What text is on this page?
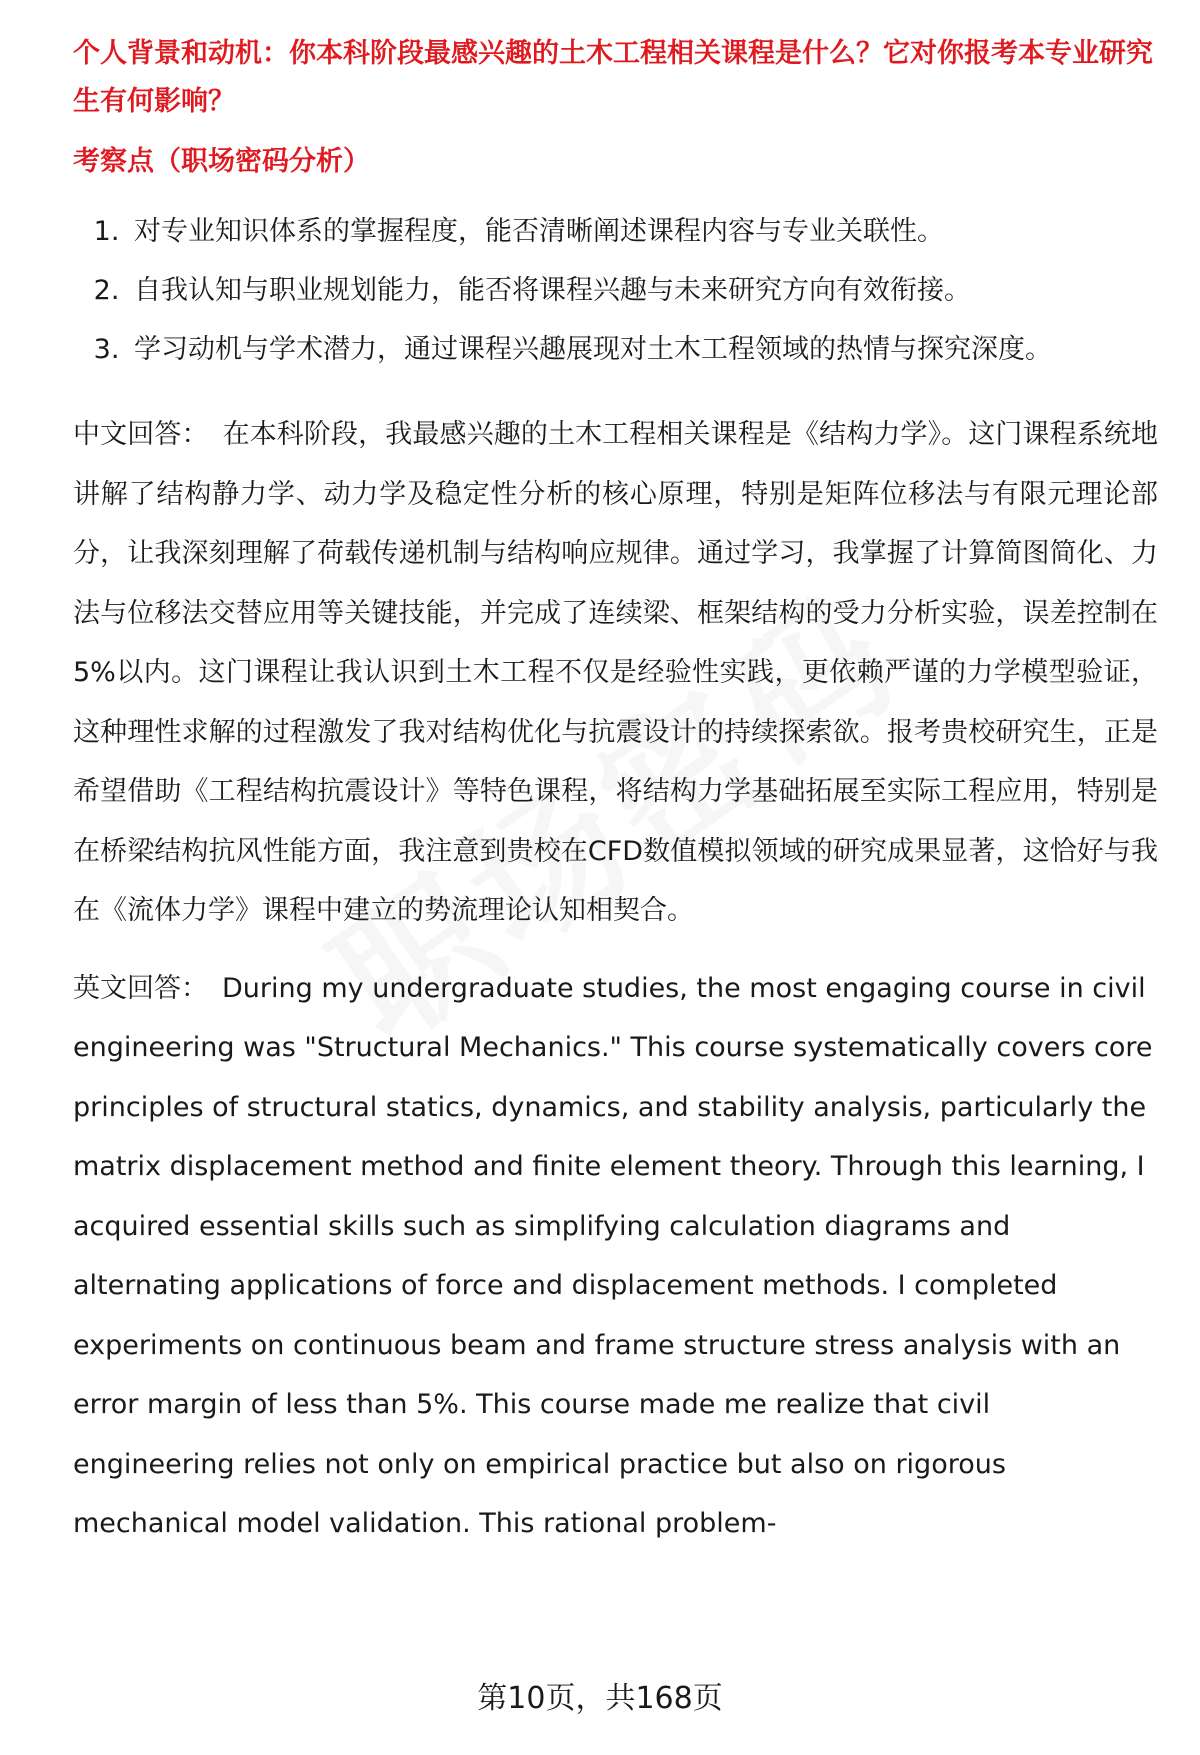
个人背景和动机：你本科阶段最感兴趣的土木工程相关课程是什么？它对你报考本专业研究生有何影响？

考察点（职场密码分析）
1. 对专业知识体系的掌握程度，能否清晰阐述课程内容与专业关联性。
2. 自我认知与职业规划能力，能否将课程兴趣与未来研究方向有效衔接。
3. 学习动机与学术潜力，通过课程兴趣展现对土木工程领域的热情与探究深度。

中文回答： 在本科阶段，我最感兴趣的土木工程相关课程是《结构力学》。这门课程系统地讲解了结构静力学、动力学及稳定性分析的核心原理，特别是矩阵位移法与有限元理论部分，让我深刻理解了荷载传递机制与结构响应规律。通过学习，我掌握了计算简图简化、力法与位移法交替应用等关键技能，并完成了连续梁、框架结构的受力分析实验，误差控制在5%以内。这门课程让我认识到土木工程不仅是经验性实践，更依赖严谨的力学模型验证，这种理性求解的过程激发了我对结构优化与抗震设计的持续探索欲。报考贵校研究生，正是希望借助《工程结构抗震设计》等特色课程，将结构力学基础拓展至实际工程应用，特别是在桥梁结构抗风性能方面，我注意到贵校在CFD数值模拟领域的研究成果显著，这恰好与我在《流体力学》课程中建立的势流理论认知相契合。

英文回答： During my undergraduate studies, the most engaging course in civil engineering was "Structural Mechanics." This course systematically covers core principles of structural statics, dynamics, and stability analysis, particularly the matrix displacement method and finite element theory. Through this learning, I acquired essential skills such as simplifying calculation diagrams and alternating applications of force and displacement methods. I completed experiments on continuous beam and frame structure stress analysis with an error margin of less than 5%. This course made me realize that civil engineering relies not only on empirical practice but also on rigorous mechanical model validation. This rational problem-

第10页，共168页
